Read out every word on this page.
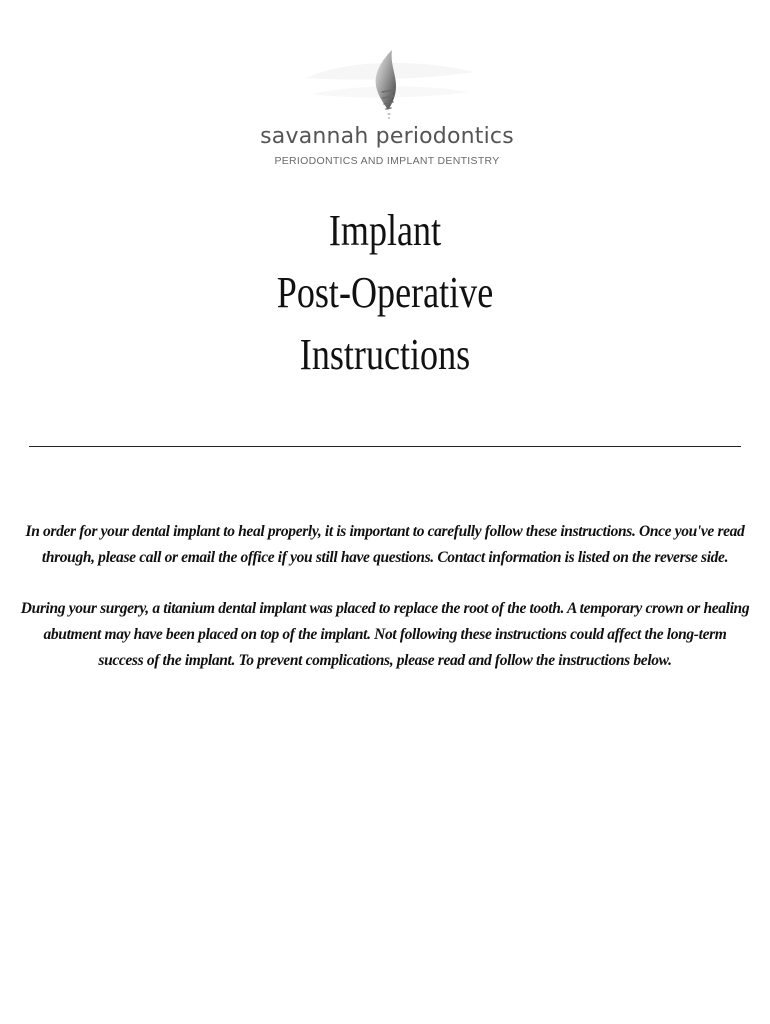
savannah periodontics
PERIODONTICS AND IMPLANT DENTISTRY
Implant
Post-Operative
Instructions
In order for your dental implant to heal properly, it is important to carefully follow these instructions. Once you've read through, please call or email the office if you still have questions. Contact information is listed on the reverse side.
During your surgery, a titanium dental implant was placed to replace the root of the tooth. A temporary crown or healing abutment may have been placed on top of the implant. Not following these instructions could affect the long-term success of the implant. To prevent complications, please read and follow the instructions below.
